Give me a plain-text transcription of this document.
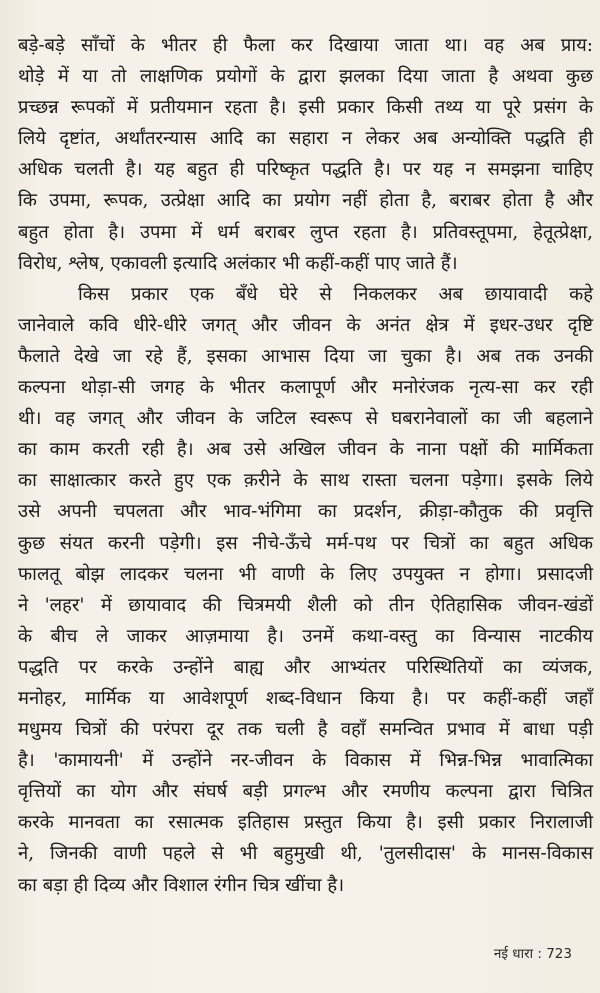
बड़े-बड़े साँचों के भीतर ही फैला कर दिखाया जाता था। वह अब प्राय:
थोड़े में या तो लाक्षणिक प्रयोगों के द्वारा झलका दिया जाता है अथवा कुछ
प्रच्छन्न रूपकों में प्रतीयमान रहता है। इसी प्रकार किसी तथ्य या पूरे प्रसंग के
लिये दृष्टांत, अर्थांतरन्यास आदि का सहारा न लेकर अब अन्योक्ति पद्धति ही
अधिक चलती है। यह बहुत ही परिष्कृत पद्धति है। पर यह न समझना चाहिए
कि उपमा, रूपक, उत्प्रेक्षा आदि का प्रयोग नहीं होता है, बराबर होता है और
बहुत होता है। उपमा में धर्म बराबर लुप्त रहता है। प्रतिवस्तूपमा, हेतूत्प्रेक्षा,
विरोध, श्लेष, एकावली इत्यादि अलंकार भी कहीं-कहीं पाए जाते हैं।
किस प्रकार एक बँधे घेरे से निकलकर अब छायावादी कहे
जानेवाले कवि धीरे-धीरे जगत् और जीवन के अनंत क्षेत्र में इधर-उधर दृष्टि
फैलाते देखे जा रहे हैं, इसका आभास दिया जा चुका है। अब तक उनकी
कल्पना थोड़ा-सी जगह के भीतर कलापूर्ण और मनोरंजक नृत्य-सा कर रही
थी। वह जगत् और जीवन के जटिल स्वरूप से घबरानेवालों का जी बहलाने
का काम करती रही है। अब उसे अखिल जीवन के नाना पक्षों की मार्मिकता
का साक्षात्कार करते हुए एक क़रीने के साथ रास्ता चलना पड़ेगा। इसके लिये
उसे अपनी चपलता और भाव-भंगिमा का प्रदर्शन, क्रीड़ा-कौतुक की प्रवृत्ति
कुछ संयत करनी पड़ेगी। इस नीचे-ऊँचे मर्म-पथ पर चित्रों का बहुत अधिक
फालतू बोझ लादकर चलना भी वाणी के लिए उपयुक्त न होगा। प्रसादजी
ने 'लहर' में छायावाद की चित्रमयी शैली को तीन ऐतिहासिक जीवन-खंडों
के बीच ले जाकर आज़माया है। उनमें कथा-वस्तु का विन्यास नाटकीय
पद्धति पर करके उन्होंने बाह्य और आभ्यंतर परिस्थितियों का व्यंजक,
मनोहर, मार्मिक या आवेशपूर्ण शब्द-विधान किया है। पर कहीं-कहीं जहाँ
मधुमय चित्रों की परंपरा दूर तक चली है वहाँ समन्वित प्रभाव में बाधा पड़ी
है। 'कामायनी' में उन्होंने नर-जीवन के विकास में भिन्न-भिन्न भावात्मिका
वृत्तियों का योग और संघर्ष बड़ी प्रगल्भ और रमणीय कल्पना द्वारा चित्रित
करके मानवता का रसात्मक इतिहास प्रस्तुत किया है। इसी प्रकार निरालाजी
ने, जिनकी वाणी पहले से भी बहुमुखी थी, 'तुलसीदास' के मानस-विकास
का बड़ा ही दिव्य और विशाल रंगीन चित्र खींचा है।
नई धारा : 723
